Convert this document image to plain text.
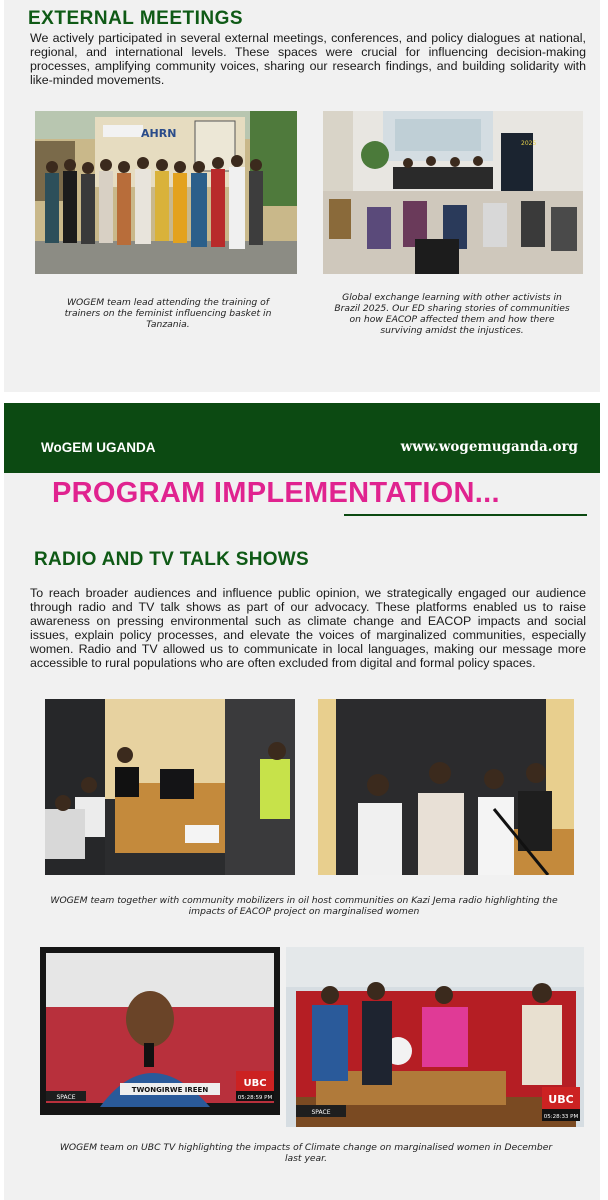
EXTERNAL MEETINGS

We actively participated in several external meetings, conferences, and policy dialogues at national, regional, and international levels. These spaces were crucial for influencing decision-making processes, amplifying community voices, sharing our research findings, and building solidarity with like-minded movements.

AHRN
2025

WOGEM team lead attending the training of trainers on the feminist influencing basket in Tanzania.

Global exchange learning with other activists in Brazil 2025. Our ED sharing stories of communities on how EACOP affected them and how there surviving amidst the injustices.

WoGEM UGANDA	www.wogemuganda.org
PROGRAM IMPLEMENTATION...
RADIO AND TV TALK SHOWS

To reach broader audiences and influence public opinion, we strategically engaged our audience through radio and TV talk shows as part of our advocacy. These platforms enabled us to raise awareness on pressing environmental such as climate change and EACOP impacts and social issues, explain policy processes, and elevate the voices of marginalized communities, especially women. Radio and TV allowed us to communicate in local languages, making our message more accessible to rural populations who are often excluded from digital and formal policy spaces.

WOGEM team together with community mobilizers in oil host communities on Kazi Jema radio highlighting the impacts of EACOP project on marginalised women

TWONGIRWE IREEN
SPACE
UBC
05:28:59 PM
SPACE
UBC
05:28:33 PM

WOGEM team on UBC TV highlighting the impacts of Climate change on marginalised women in December last year.
